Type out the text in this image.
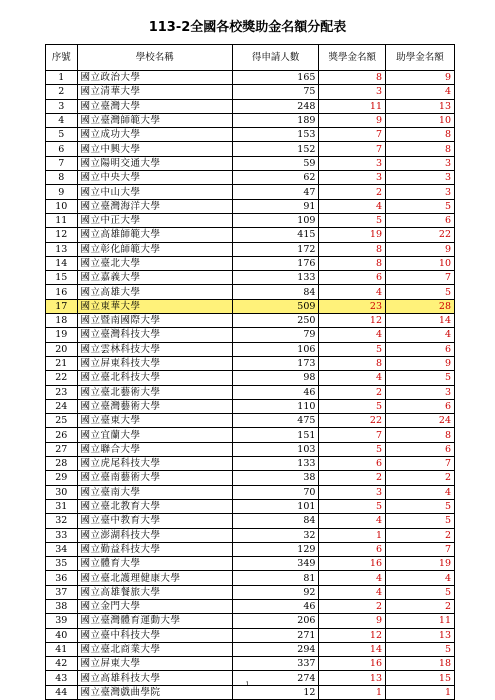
113-2全國各校獎助金名額分配表
序號	學校名稱	得申請人數	獎學金名額	助學金名額
1	國立政治大學	165	8	9
2	國立清華大學	75	3	4
3	國立臺灣大學	248	11	13
4	國立臺灣師範大學	189	9	10
5	國立成功大學	153	7	8
6	國立中興大學	152	7	8
7	國立陽明交通大學	59	3	3
8	國立中央大學	62	3	3
9	國立中山大學	47	2	3
10	國立臺灣海洋大學	91	4	5
11	國立中正大學	109	5	6
12	國立高雄師範大學	415	19	22
13	國立彰化師範大學	172	8	9
14	國立臺北大學	176	8	10
15	國立嘉義大學	133	6	7
16	國立高雄大學	84	4	5
17	國立東華大學	509	23	28
18	國立暨南國際大學	250	12	14
19	國立臺灣科技大學	79	4	4
20	國立雲林科技大學	106	5	6
21	國立屏東科技大學	173	8	9
22	國立臺北科技大學	98	4	5
23	國立臺北藝術大學	46	2	3
24	國立臺灣藝術大學	110	5	6
25	國立臺東大學	475	22	24
26	國立宜蘭大學	151	7	8
27	國立聯合大學	103	5	6
28	國立虎尾科技大學	133	6	7
29	國立臺南藝術大學	38	2	2
30	國立臺南大學	70	3	4
31	國立臺北教育大學	101	5	5
32	國立臺中教育大學	84	4	5
33	國立澎湖科技大學	32	1	2
34	國立勤益科技大學	129	6	7
35	國立體育大學	349	16	19
36	國立臺北護理健康大學	81	4	4
37	國立高雄餐旅大學	92	4	5
38	國立金門大學	46	2	2
39	國立臺灣體育運動大學	206	9	11
40	國立臺中科技大學	271	12	13
41	國立臺北商業大學	294	14	5
42	國立屏東大學	337	16	18
43	國立高雄科技大學	274	13	15
44	國立臺灣戲曲學院	12	1	1
1
